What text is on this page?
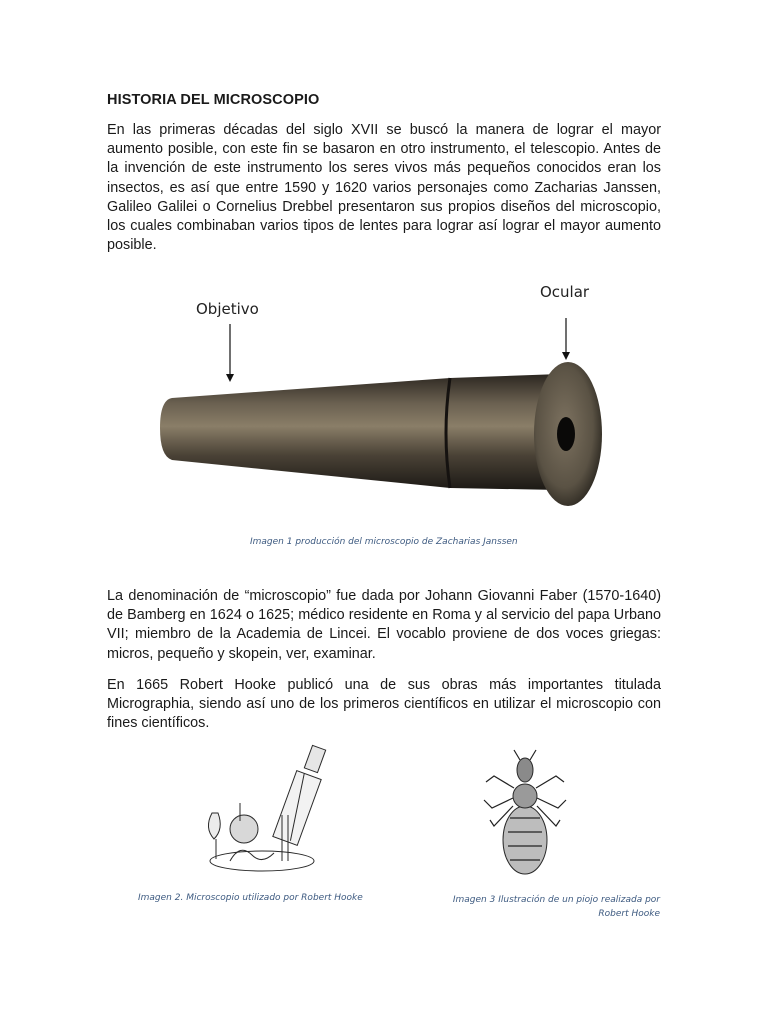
HISTORIA DEL MICROSCOPIO

En las primeras décadas del siglo XVII se buscó la manera de lograr el mayor aumento posible, con este fin se basaron en otro instrumento, el telescopio. Antes de la invención de este instrumento los seres vivos más pequeños conocidos eran los insectos, es así que entre 1590 y 1620 varios personajes como Zacharias Janssen, Galileo Galilei o Cornelius Drebbel presentaron sus propios diseños del microscopio, los cuales combinaban varios tipos de lentes para lograr así lograr el mayor aumento posible.

Objetivo
Ocular
Imagen 1 producción del microscopio de Zacharias Janssen

La denominación de “microscopio” fue dada por Johann Giovanni Faber (1570-1640) de Bamberg en 1624 o 1625; médico residente en Roma y al servicio del papa Urbano VII; miembro de la Academia de Lincei. El vocablo proviene de dos voces griegas: micros, pequeño y skopein, ver, examinar.

En 1665 Robert Hooke publicó una de sus obras más importantes titulada Micrographia, siendo así uno de los primeros científicos en utilizar el microscopio con fines científicos.

Imagen 2. Microscopio utilizado por Robert Hooke	Imagen 3 Ilustración de un piojo realizada por Robert Hooke
